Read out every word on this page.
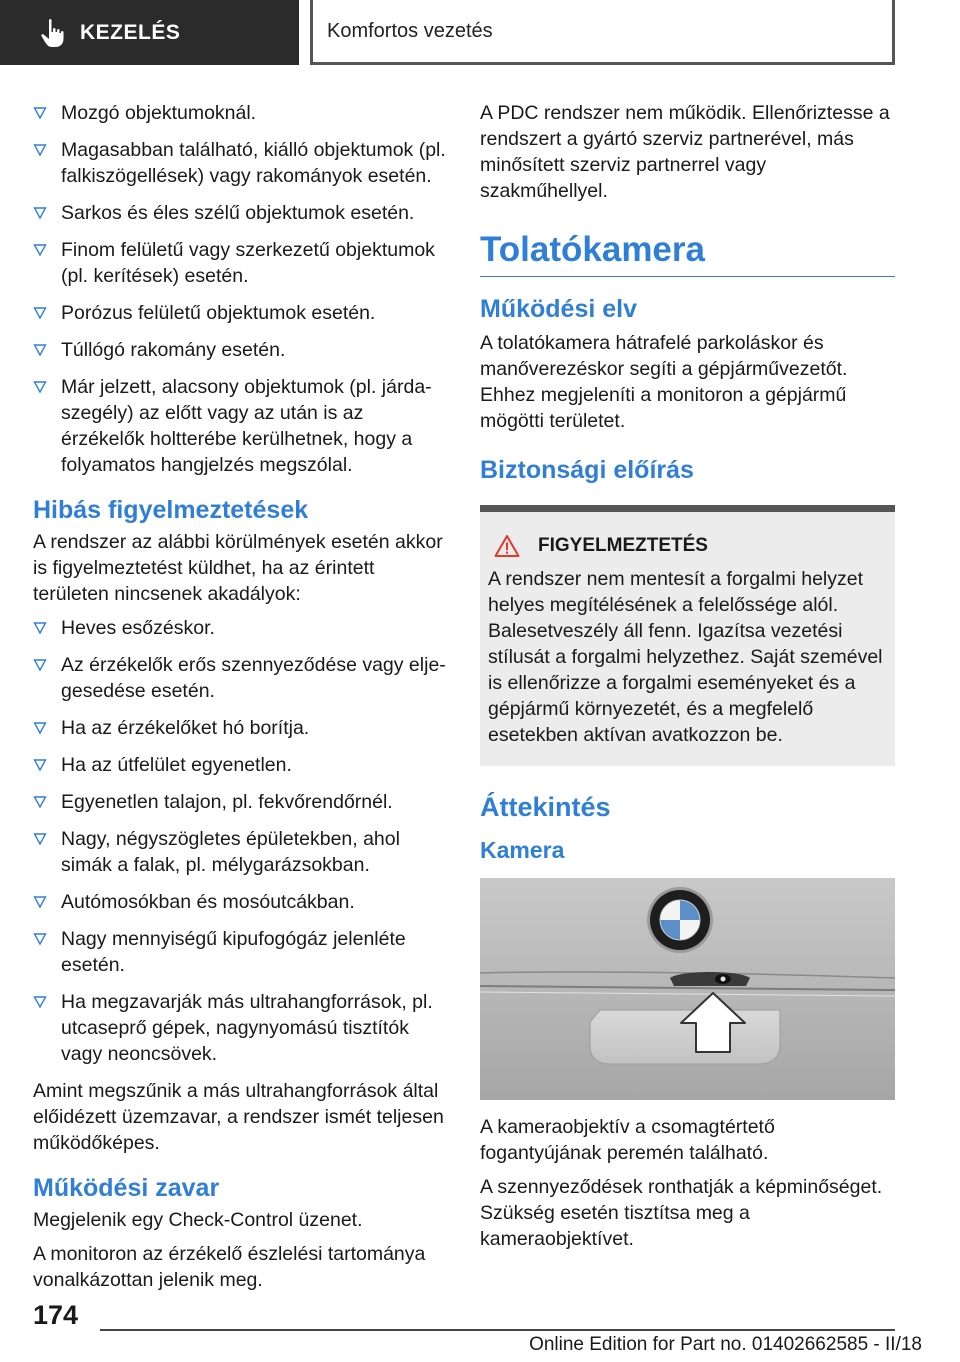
KEZELÉS	Komfortos vezetés
Mozgó objektumoknál.
Magasabban található, kiálló objektumok (pl. falkiszögellések) vagy rakományok esetén.
Sarkos és éles szélű objektumok esetén.
Finom felületű vagy szerkezetű objektumok (pl. kerítések) esetén.
Porózus felületű objektumok esetén.
Túllógó rakomány esetén.
Már jelzett, alacsony objektumok (pl. járdaszegély) az előtt vagy az után is az érzékelők holtterébe kerülhetnek, hogy a folyamatos hangjelzés megszólal.
Hibás figyelmeztetések

A rendszer az alábbi körülmények esetén akkor is figyelmeztetést küldhet, ha az érintett területen nincsenek akadályok:

Heves esőzéskor.
Az érzékelők erős szennyeződése vagy eljegesedése esetén.
Ha az érzékelőket hó borítja.
Ha az útfelület egyenetlen.
Egyenetlen talajon, pl. fekvőrendőrnél.
Nagy, négyszögletes épületekben, ahol simák a falak, pl. mélygarázsokban.
Autómosókban és mosóutcákban.
Nagy mennyiségű kipufogógáz jelenléte esetén.
Ha megzavarják más ultrahangforrások, pl. utcaseprő gépek, nagynyomású tisztítók vagy neoncsövek.

Amint megszűnik a más ultrahangforrások által előidézett üzemzavar, a rendszer ismét teljesen működőképes.

Működési zavar

Megjelenik egy Check-Control üzenet.

A monitoron az érzékelő észlelési tartománya vonalkázottan jelenik meg.

A PDC rendszer nem működik. Ellenőriztesse a rendszert a gyártó szerviz partnerével, más minősített szerviz partnerrel vagy szakműhellyel.

Tolatókamera
Működési elv

A tolatókamera hátrafelé parkoláskor és manőverezéskor segíti a gépjárművezetőt. Ehhez megjeleníti a monitoron a gépjármű mögötti területet.

Biztonsági előírás
FIGYELMEZTETÉS

A rendszer nem mentesít a forgalmi helyzet helyes megítélésének a felelőssége alól. Balesetveszély áll fenn. Igazítsa vezetési stílusát a forgalmi helyzethez. Saját szemével is ellenőrizze a forgalmi eseményeket és a gépjármű környezetét, és a megfelelő esetekben aktívan avatkozzon be.

Áttekintés
Kamera

A kameraobjektív a csomagtértető fogantyújának peremén található.

A szennyeződések ronthatják a képminőséget. Szükség esetén tisztítsa meg a kameraobjektívet.

174
Online Edition for Part no. 01402662585 - II/18
